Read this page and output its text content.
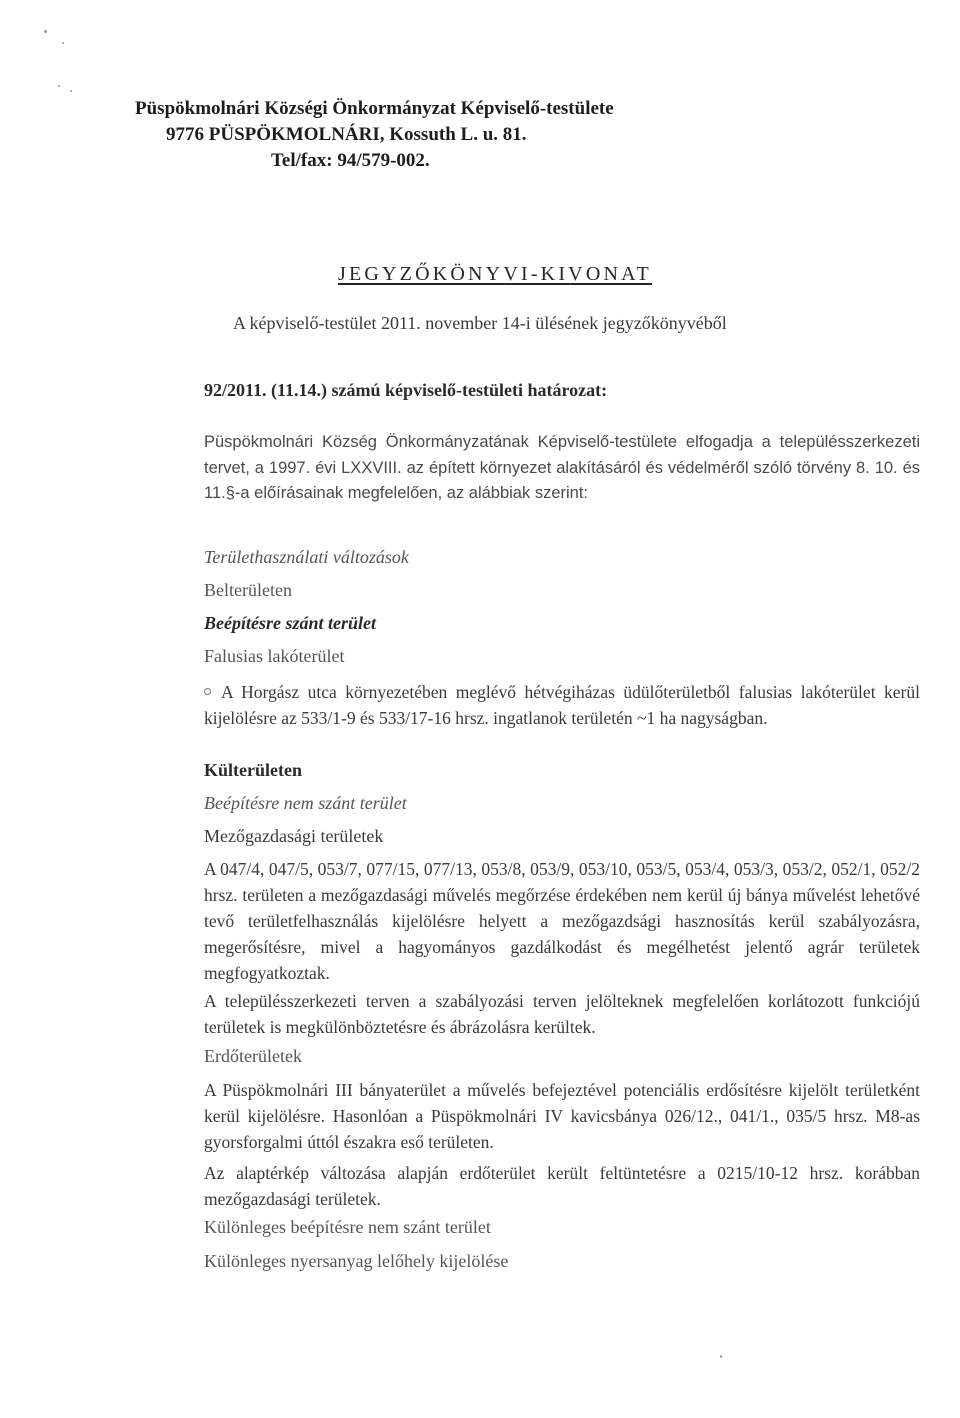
Püspökmolnári Községi Önkormányzat Képviselő-testülete
9776 PÜSPÖKMOLNÁRI, Kossuth L. u. 81.
Tel/fax: 94/579-002.
JEGYZŐKÖNYVI-KIVONAT
A képviselő-testület 2011. november 14-i ülésének jegyzőkönyvéből
92/2011. (11.14.) számú képviselő-testületi határozat:
Püspökmolnári Község Önkormányzatának Képviselő-testülete elfogadja a településszerkezeti tervet, a 1997. évi LXXVIII. az épített környezet alakításáról és védelméről szóló törvény 8. 10. és 11.§-a előírásainak megfelelően, az alábbiak szerint:
Területhasználati változások
Belterületen
Beépítésre szánt terület
Falusias lakóterület
A Horgász utca környezetében meglévő hétvégiházas üdülőterületből falusias lakóterület kerül kijelölésre az 533/1-9 és 533/17-16 hrsz. ingatlanok területén ~1 ha nagyságban.
Külterületen
Beépítésre nem szánt terület
Mezőgazdasági területek
A 047/4, 047/5, 053/7, 077/15, 077/13, 053/8, 053/9, 053/10, 053/5, 053/4, 053/3, 053/2, 052/1, 052/2 hrsz. területen a mezőgazdasági művelés megőrzése érdekében nem kerül új bánya művelést lehetővé tevő területfelhasználás kijelölésre helyett a mezőgazdsági hasznosítás kerül szabályozásra, megerősítésre, mivel a hagyományos gazdálkodást és megélhetést jelentő agrár területek megfogyatkoztak.
A településszerkezeti terven a szabályozási terven jelölteknek megfelelően korlátozott funkciójú területek is megkülönböztetésre és ábrázolásra kerültek.
Erdőterületek
A Püspökmolnári III bányaterület a művelés befejeztével potenciális erdősítésre kijelölt területként kerül kijelölésre. Hasonlóan a Püspökmolnári IV kavicsbánya 026/12., 041/1., 035/5 hrsz. M8-as gyorsforgalmi úttól északra eső területen.
Az alaptérkép változása alapján erdőterület került feltüntetésre a 0215/10-12 hrsz. korábban mezőgazdasági területek.
Különleges beépítésre nem szánt terület
Különleges nyersanyag lelőhely kijelölése
